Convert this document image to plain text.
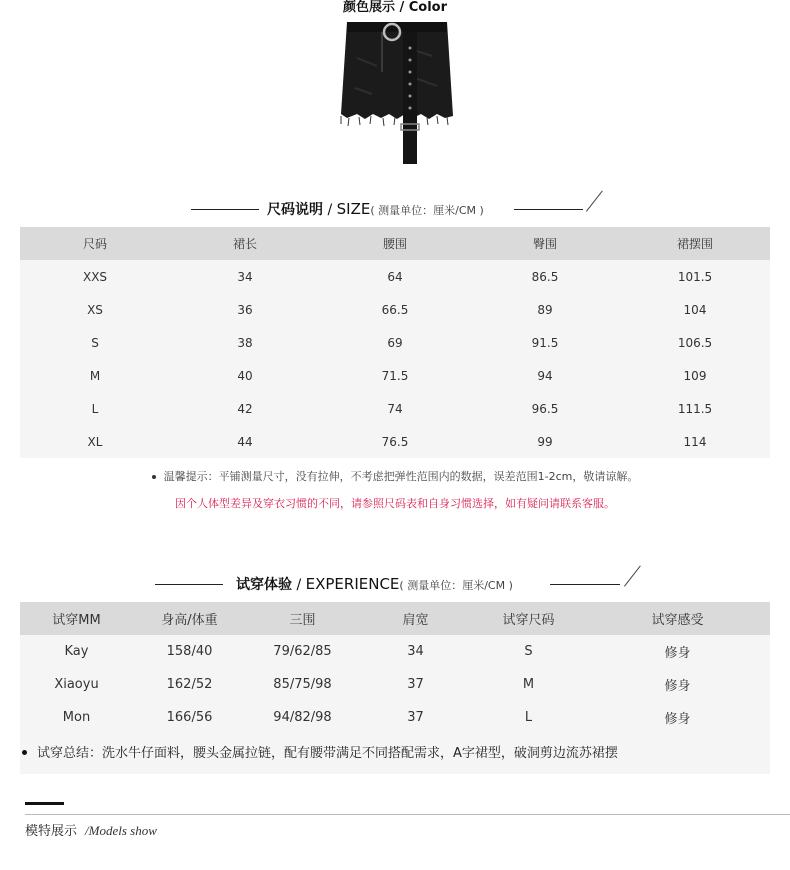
颜色展示 / Color
尺码说明 / SIZE( 测量单位：厘米/CM )
尺码	裙长	腰围	臀围	裙摆围
XXS	34	64	86.5	101.5
XS	36	66.5	89	104
S	38	69	91.5	106.5
M	40	71.5	94	109
L	42	74	96.5	111.5
XL	44	76.5	99	114
温馨提示：平铺测量尺寸，没有拉伸，不考虑把弹性范围内的数据，误差范围1-2cm，敬请谅解。
因个人体型差异及穿衣习惯的不同，请参照尺码表和自身习惯选择，如有疑问请联系客服。
试穿体验 / EXPERIENCE( 测量单位：厘米/CM )
试穿MM	身高/体重	三围	肩宽	试穿尺码	试穿感受
Kay	158/40	79/62/85	34	S	修身
Xiaoyu	162/52	85/75/98	37	M	修身
Mon	166/56	94/82/98	37	L	修身
试穿总结：洗水牛仔面料，腰头金属拉链，配有腰带满足不同搭配需求，A字裙型，破洞剪边流苏裙摆
模特展示 /Models show
